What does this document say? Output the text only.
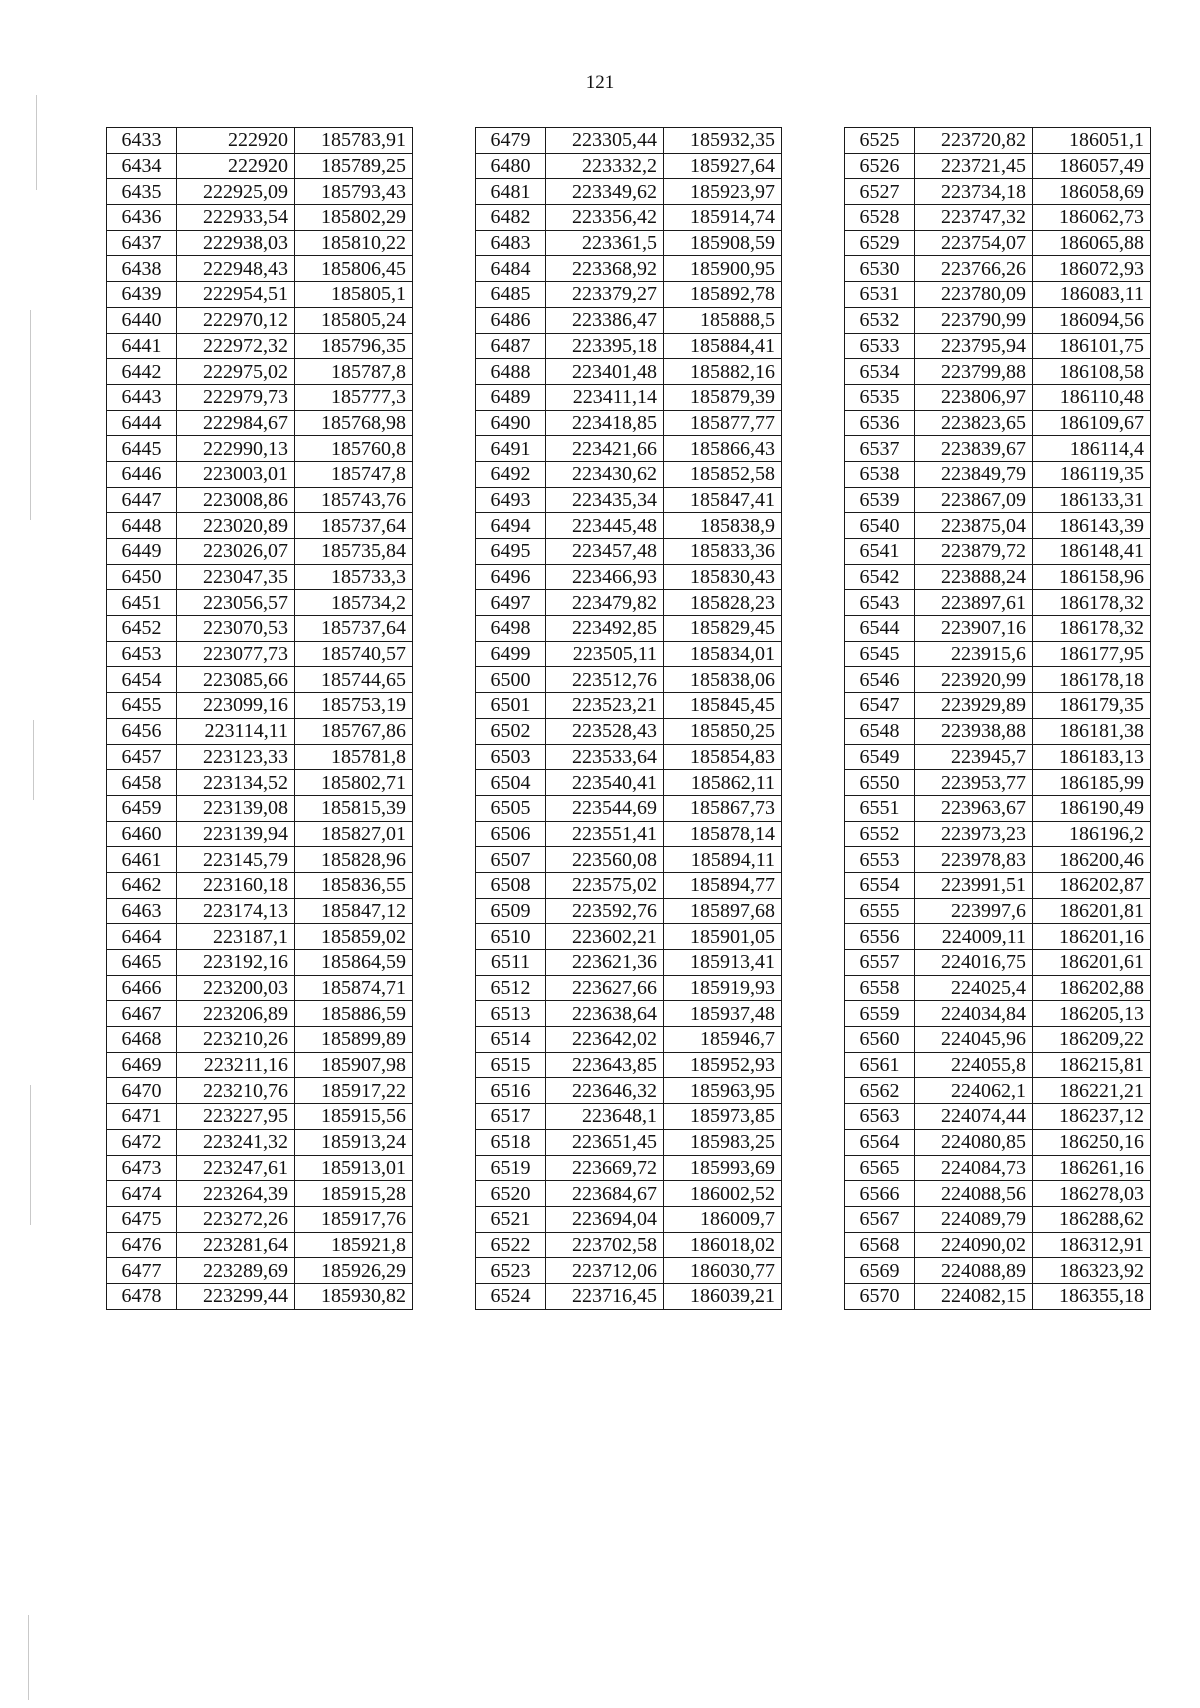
121
6433	222920	185783,91
6434	222920	185789,25
6435	222925,09	185793,43
6436	222933,54	185802,29
6437	222938,03	185810,22
6438	222948,43	185806,45
6439	222954,51	185805,1
6440	222970,12	185805,24
6441	222972,32	185796,35
6442	222975,02	185787,8
6443	222979,73	185777,3
6444	222984,67	185768,98
6445	222990,13	185760,8
6446	223003,01	185747,8
6447	223008,86	185743,76
6448	223020,89	185737,64
6449	223026,07	185735,84
6450	223047,35	185733,3
6451	223056,57	185734,2
6452	223070,53	185737,64
6453	223077,73	185740,57
6454	223085,66	185744,65
6455	223099,16	185753,19
6456	223114,11	185767,86
6457	223123,33	185781,8
6458	223134,52	185802,71
6459	223139,08	185815,39
6460	223139,94	185827,01
6461	223145,79	185828,96
6462	223160,18	185836,55
6463	223174,13	185847,12
6464	223187,1	185859,02
6465	223192,16	185864,59
6466	223200,03	185874,71
6467	223206,89	185886,59
6468	223210,26	185899,89
6469	223211,16	185907,98
6470	223210,76	185917,22
6471	223227,95	185915,56
6472	223241,32	185913,24
6473	223247,61	185913,01
6474	223264,39	185915,28
6475	223272,26	185917,76
6476	223281,64	185921,8
6477	223289,69	185926,29
6478	223299,44	185930,82
6479	223305,44	185932,35
6480	223332,2	185927,64
6481	223349,62	185923,97
6482	223356,42	185914,74
6483	223361,5	185908,59
6484	223368,92	185900,95
6485	223379,27	185892,78
6486	223386,47	185888,5
6487	223395,18	185884,41
6488	223401,48	185882,16
6489	223411,14	185879,39
6490	223418,85	185877,77
6491	223421,66	185866,43
6492	223430,62	185852,58
6493	223435,34	185847,41
6494	223445,48	185838,9
6495	223457,48	185833,36
6496	223466,93	185830,43
6497	223479,82	185828,23
6498	223492,85	185829,45
6499	223505,11	185834,01
6500	223512,76	185838,06
6501	223523,21	185845,45
6502	223528,43	185850,25
6503	223533,64	185854,83
6504	223540,41	185862,11
6505	223544,69	185867,73
6506	223551,41	185878,14
6507	223560,08	185894,11
6508	223575,02	185894,77
6509	223592,76	185897,68
6510	223602,21	185901,05
6511	223621,36	185913,41
6512	223627,66	185919,93
6513	223638,64	185937,48
6514	223642,02	185946,7
6515	223643,85	185952,93
6516	223646,32	185963,95
6517	223648,1	185973,85
6518	223651,45	185983,25
6519	223669,72	185993,69
6520	223684,67	186002,52
6521	223694,04	186009,7
6522	223702,58	186018,02
6523	223712,06	186030,77
6524	223716,45	186039,21
6525	223720,82	186051,1
6526	223721,45	186057,49
6527	223734,18	186058,69
6528	223747,32	186062,73
6529	223754,07	186065,88
6530	223766,26	186072,93
6531	223780,09	186083,11
6532	223790,99	186094,56
6533	223795,94	186101,75
6534	223799,88	186108,58
6535	223806,97	186110,48
6536	223823,65	186109,67
6537	223839,67	186114,4
6538	223849,79	186119,35
6539	223867,09	186133,31
6540	223875,04	186143,39
6541	223879,72	186148,41
6542	223888,24	186158,96
6543	223897,61	186178,32
6544	223907,16	186178,32
6545	223915,6	186177,95
6546	223920,99	186178,18
6547	223929,89	186179,35
6548	223938,88	186181,38
6549	223945,7	186183,13
6550	223953,77	186185,99
6551	223963,67	186190,49
6552	223973,23	186196,2
6553	223978,83	186200,46
6554	223991,51	186202,87
6555	223997,6	186201,81
6556	224009,11	186201,16
6557	224016,75	186201,61
6558	224025,4	186202,88
6559	224034,84	186205,13
6560	224045,96	186209,22
6561	224055,8	186215,81
6562	224062,1	186221,21
6563	224074,44	186237,12
6564	224080,85	186250,16
6565	224084,73	186261,16
6566	224088,56	186278,03
6567	224089,79	186288,62
6568	224090,02	186312,91
6569	224088,89	186323,92
6570	224082,15	186355,18
